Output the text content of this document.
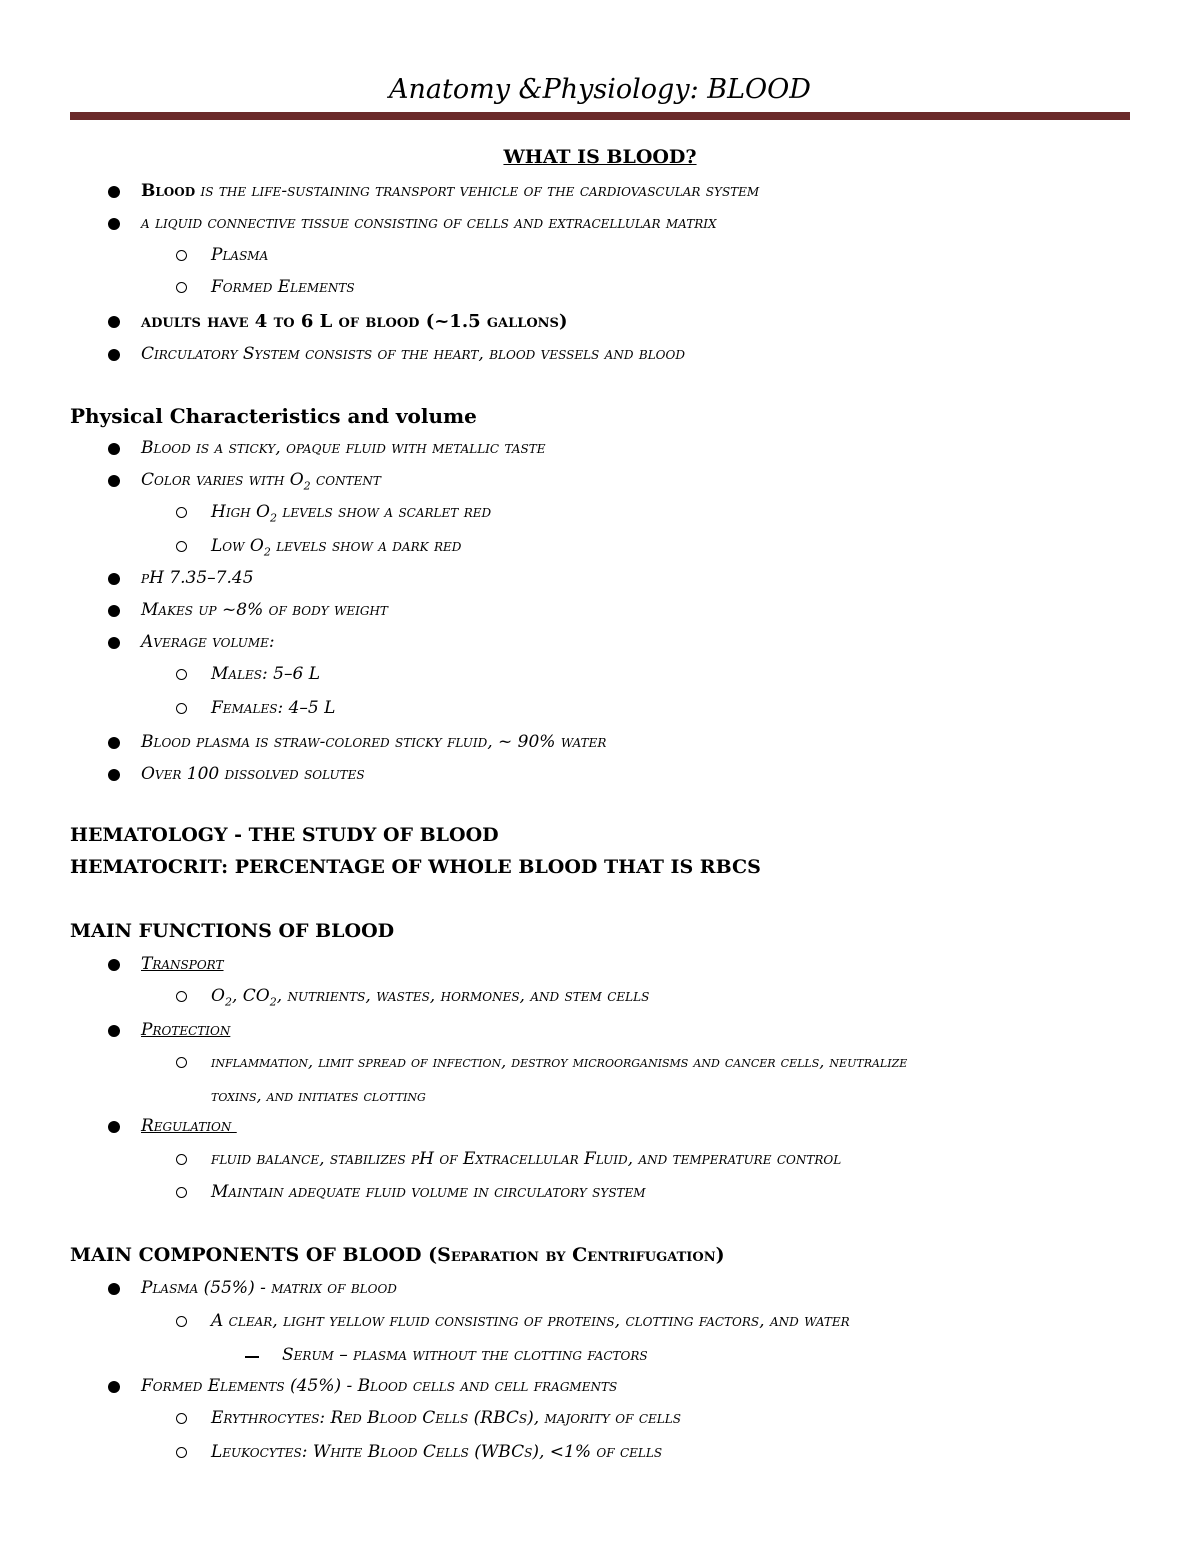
Anatomy &Physiology: BLOOD
WHAT IS BLOOD?
Blood is the life-sustaining transport vehicle of the cardiovascular system
a liquid connective tissue consisting of cells and extracellular matrix
Plasma
Formed Elements
adults have 4 to 6 L of blood (~1.5 gallons)
Circulatory System consists of the heart, blood vessels and blood
Physical Characteristics and volume
Blood is a sticky, opaque fluid with metallic taste
Color varies with $O_2$ content
High $O_2$ levels show a scarlet red
Low $O_2$ levels show a dark red
pH 7.35–7.45
Makes up ~8% of body weight
Average volume:
Males: 5–6 L
Females: 4–5 L
Blood plasma is straw-colored sticky fluid, ~ 90% water
Over 100 dissolved solutes
HEMATOLOGY - THE STUDY OF BLOOD
HEMATOCRIT: PERCENTAGE OF WHOLE BLOOD THAT IS RBCS
MAIN FUNCTIONS OF BLOOD
Transport
$O_2$, $CO_2$, nutrients, wastes, hormones, and stem cells
Protection
inflammation, limit spread of infection, destroy microorganisms and cancer cells, neutralize
toxins, and initiates clotting
Regulation
fluid balance, stabilizes pH of Extracellular Fluid, and temperature control
Maintain adequate fluid volume in circulatory system
MAIN COMPONENTS OF BLOOD (Separation by Centrifugation)
Plasma (55%) - matrix of blood
A clear, light yellow fluid consisting of proteins, clotting factors, and water
Serum – plasma without the clotting factors
Formed Elements (45%) - Blood cells and cell fragments
Erythrocytes: Red Blood Cells (RBCs), majority of cells
Leukocytes: White Blood Cells (WBCs), <1% of cells
